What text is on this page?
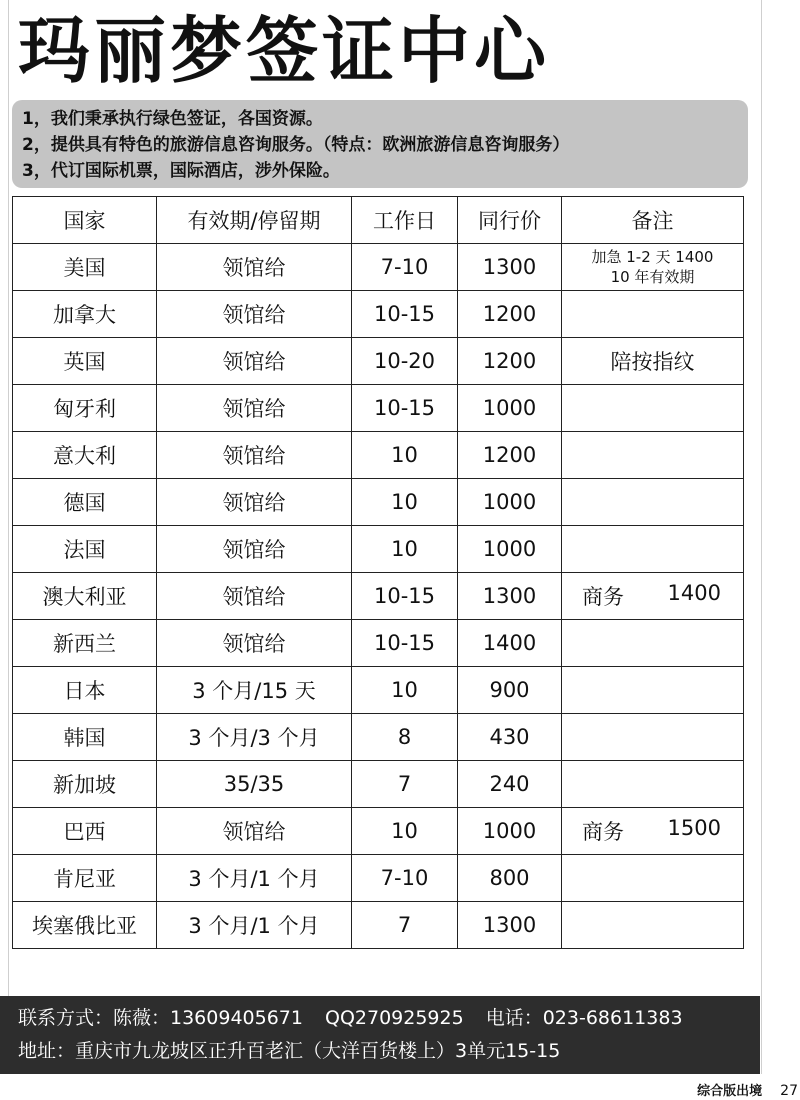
玛丽梦签证中心
1，我们秉承执行绿色签证，各国资源。
2，提供具有特色的旅游信息咨询服务。（特点：欧洲旅游信息咨询服务）
3，代订国际机票，国际酒店，涉外保险。
国家	有效期/停留期	工作日	同行价	备注
美国	领馆给	7-10	1300	加急 1-2 天 1400
10 年有效期

加拿大	领馆给	10-15	1200	
英国	领馆给	10-20	1200	陪按指纹
匈牙利	领馆给	10-15	1000	
意大利	领馆给	10	1200	
德国	领馆给	10	1000	
法国	领馆给	10	1000	
澳大利亚	领馆给	10-15	1300	商务 1400

新西兰	领馆给	10-15	1400	
日本	3 个月/15 天	10	900	
韩国	3 个月/3 个月	8	430	
新加坡	35/35	7	240	
巴西	领馆给	10	1000	商务 1500

肯尼亚	3 个月/1 个月	7-10	800	
埃塞俄比亚	3 个月/1 个月	7	1300	
联系方式：陈薇：13609405671 QQ270925925 电话：023-68611383
地址：重庆市九龙坡区正升百老汇（大洋百货楼上）3单元15-15
综合版出境 27
